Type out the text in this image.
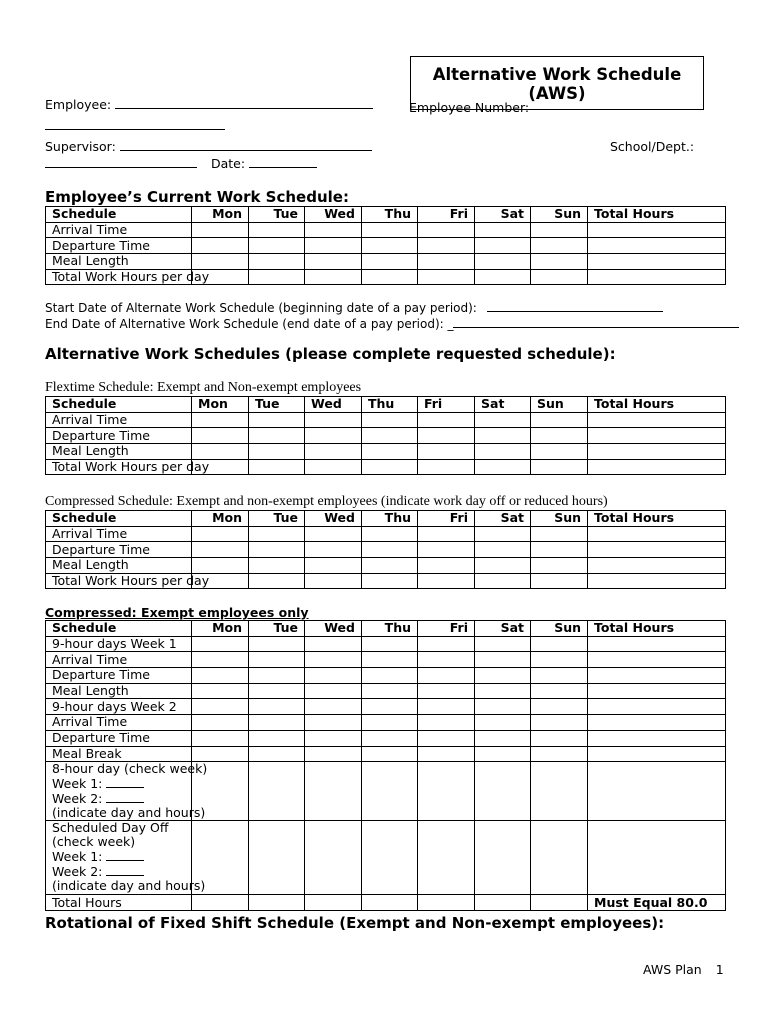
Alternative Work Schedule
(AWS)
Employee:	Employee Number:
Supervisor:	School/Dept.:
Date:
Employee’s Current Work Schedule:
Schedule	Mon	Tue	Wed	Thu	Fri	Sat	Sun	Total Hours
Arrival Time								
Departure Time								
Meal Length								
Total Work Hours per day								
Start Date of Alternate Work Schedule (beginning date of a pay period):
End Date of Alternative Work Schedule (end date of a pay period): _
Alternative Work Schedules (please complete requested schedule):
Flextime Schedule: Exempt and Non-exempt employees
Schedule	Mon	Tue	Wed	Thu	Fri	Sat	Sun	Total Hours
Arrival Time								
Departure Time								
Meal Length								
Total Work Hours per day								
Compressed Schedule: Exempt and non-exempt employees (indicate work day off or reduced hours)
Schedule	Mon	Tue	Wed	Thu	Fri	Sat	Sun	Total Hours
Arrival Time								
Departure Time								
Meal Length								
Total Work Hours per day								
Compressed: Exempt employees only
Schedule	Mon	Tue	Wed	Thu	Fri	Sat	Sun	Total Hours
9-hour days Week 1								
Arrival Time								
Departure Time								
Meal Length								
9-hour days Week 2								
Arrival Time								
Departure Time								
Meal Break								

8-hour day (check week)
Week 1:
Week 2:
(indicate day and hours)								

Scheduled Day Off
(check week)
Week 1:
Week 2:
(indicate day and hours)								

Total Hours								Must Equal 80.0
Rotational of Fixed Shift Schedule (Exempt and Non-exempt employees):
AWS Plan 1
